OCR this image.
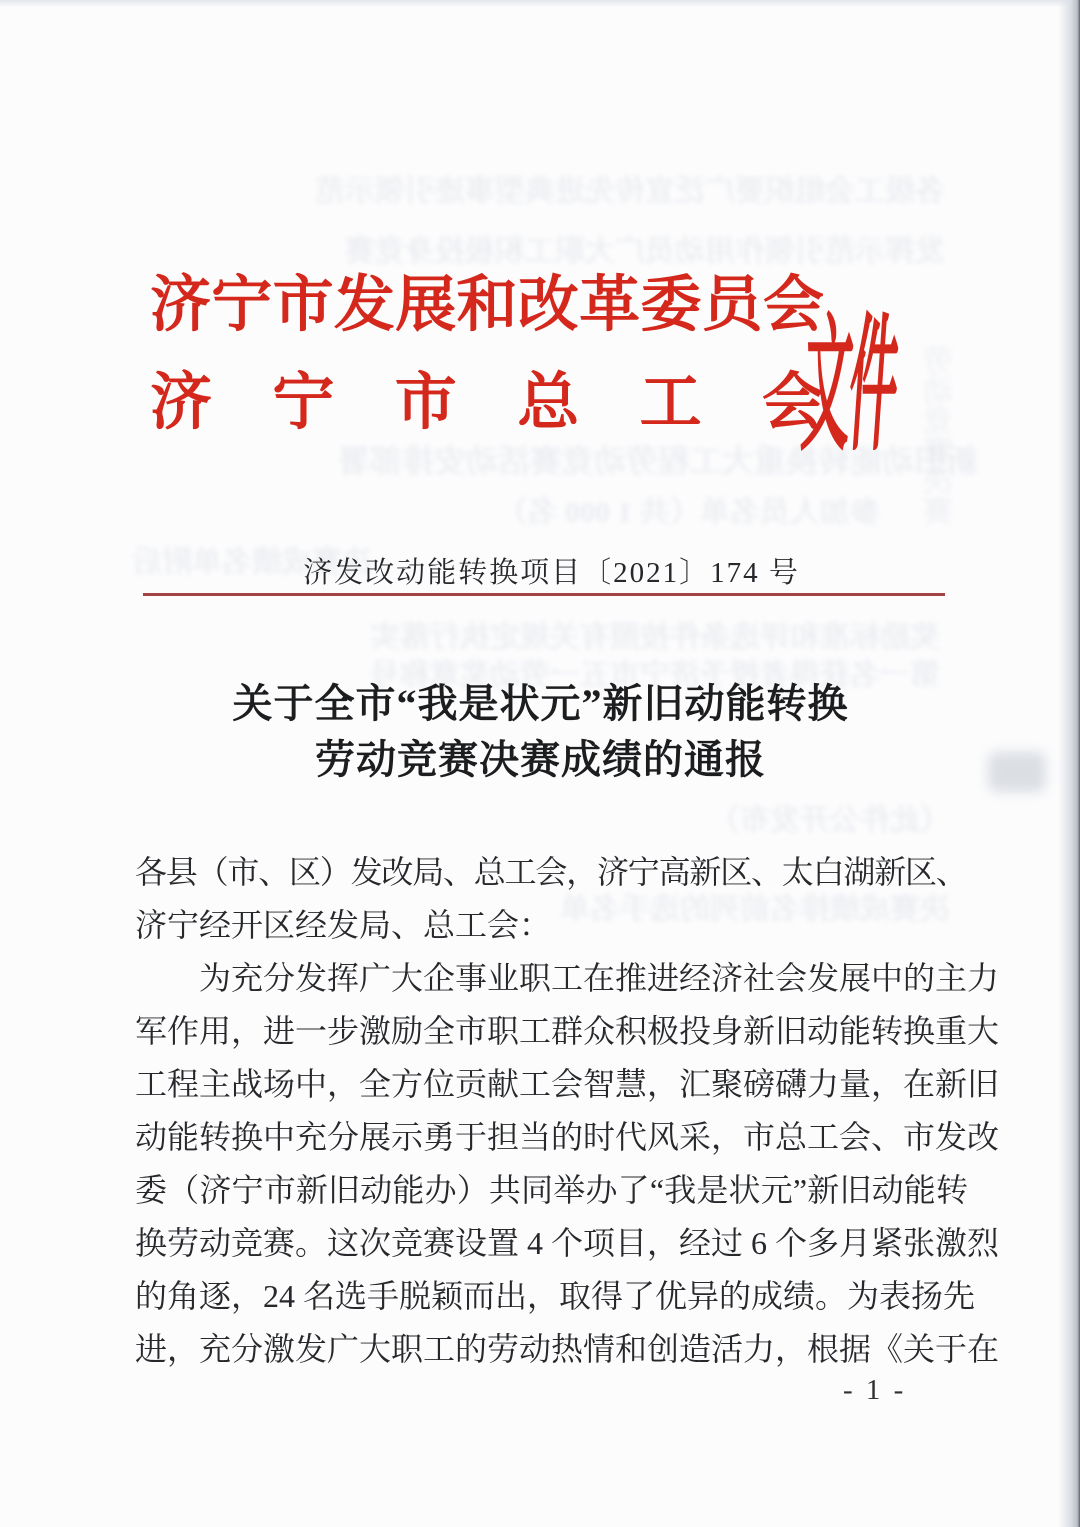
各级工会组织要广泛宣传先进典型事迹引领示范
发挥示范引领作用动员广大职工积极投身竞赛
劳动竞赛决赛
新旧动能转换重大工程劳动竞赛活动安排部署
参加人员名单（共 1 000 名）
决赛成绩名单附后
奖励标准和评选条件按照有关规定执行落实
第一名获得者授予济宁市五一劳动奖章称号
（此件公开发布）
决赛成绩排名前列的选手名单
济宁市发展和改革委员会
济宁市总工会
文件
济发改动能转换项目〔2021〕174 号
关于全市“我是状元”新旧动能转换
劳动竞赛决赛成绩的通报
各县（市、区）发改局、总工会，济宁高新区、太白湖新区、
济宁经开区经发局、总工会：
为充分发挥广大企事业职工在推进经济社会发展中的主力
军作用，进一步激励全市职工群众积极投身新旧动能转换重大
工程主战场中，全方位贡献工会智慧，汇聚磅礴力量，在新旧
动能转换中充分展示勇于担当的时代风采，市总工会、市发改
委（济宁市新旧动能办）共同举办了“我是状元”新旧动能转
换劳动竞赛。这次竞赛设置 4 个项目，经过 6 个多月紧张激烈
的角逐，24 名选手脱颖而出，取得了优异的成绩。为表扬先
进，充分激发广大职工的劳动热情和创造活力，根据《关于在
- 1 -
